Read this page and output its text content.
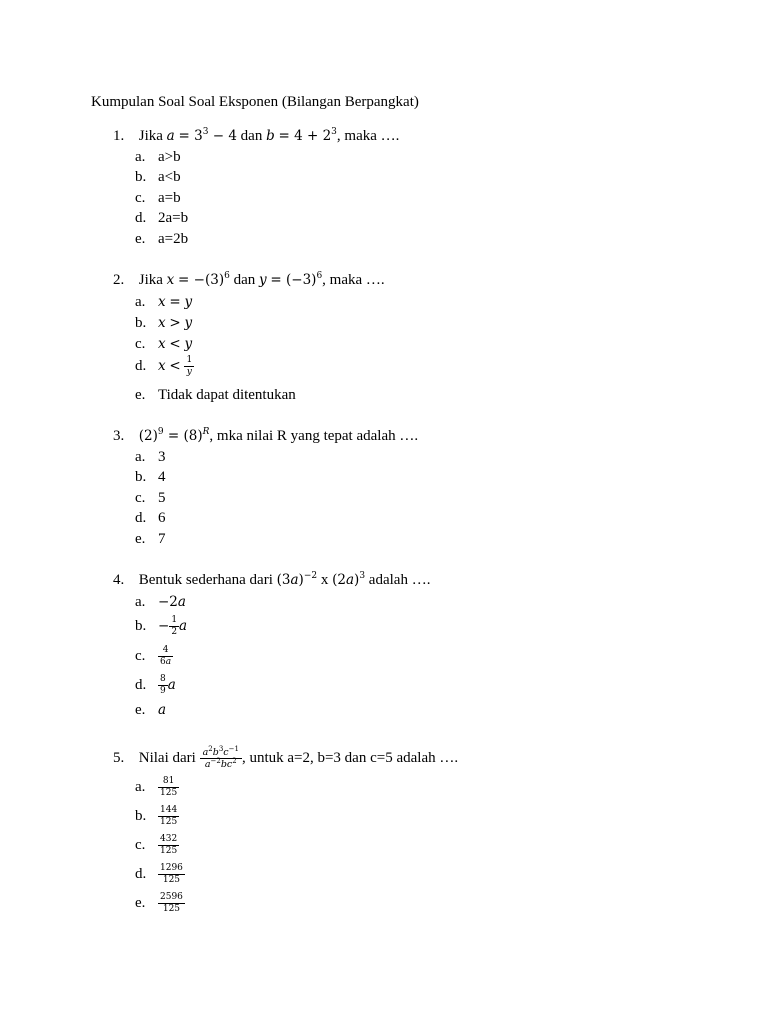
Kumpulan Soal Soal Eksponen (Bilangan Berpangkat)
1. Jika $a = 3^3 - 4$ dan $b = 4 + 2^3$, maka ….
a. a>b
b. a<b
c. a=b
d. 2a=b
e. a=2b
2. Jika $x = -(3)^6$ dan $y = (-3)^6$, maka ….
a. x = y
b. x > y
c. x < y
d. $x < \frac{1}{y}$
e. Tidak dapat ditentukan
3. $(2)^9 = (8)^R$, mka nilai R yang tepat adalah ….
a. 3
b. 4
c. 5
d. 6
e. 7
4. Bentuk sederhana dari $(3a)^{-2}$ x $(2a)^3$ adalah ….
a. −2a
b. − $\frac{1}{2}$ a
c. $\frac{4}{6a}$
d. $\frac{8}{9}$ a
e. a
5. Nilai dari $\frac{a^2b^3c^{-1}}{a^{-2}bc^2}$ , untuk a=2, b=3 dan c=5 adalah ….
a. $\frac{81}{125}$
b. $\frac{144}{125}$
c. $\frac{432}{125}$
d. $\frac{1296}{125}$
e. $\frac{2596}{125}$
